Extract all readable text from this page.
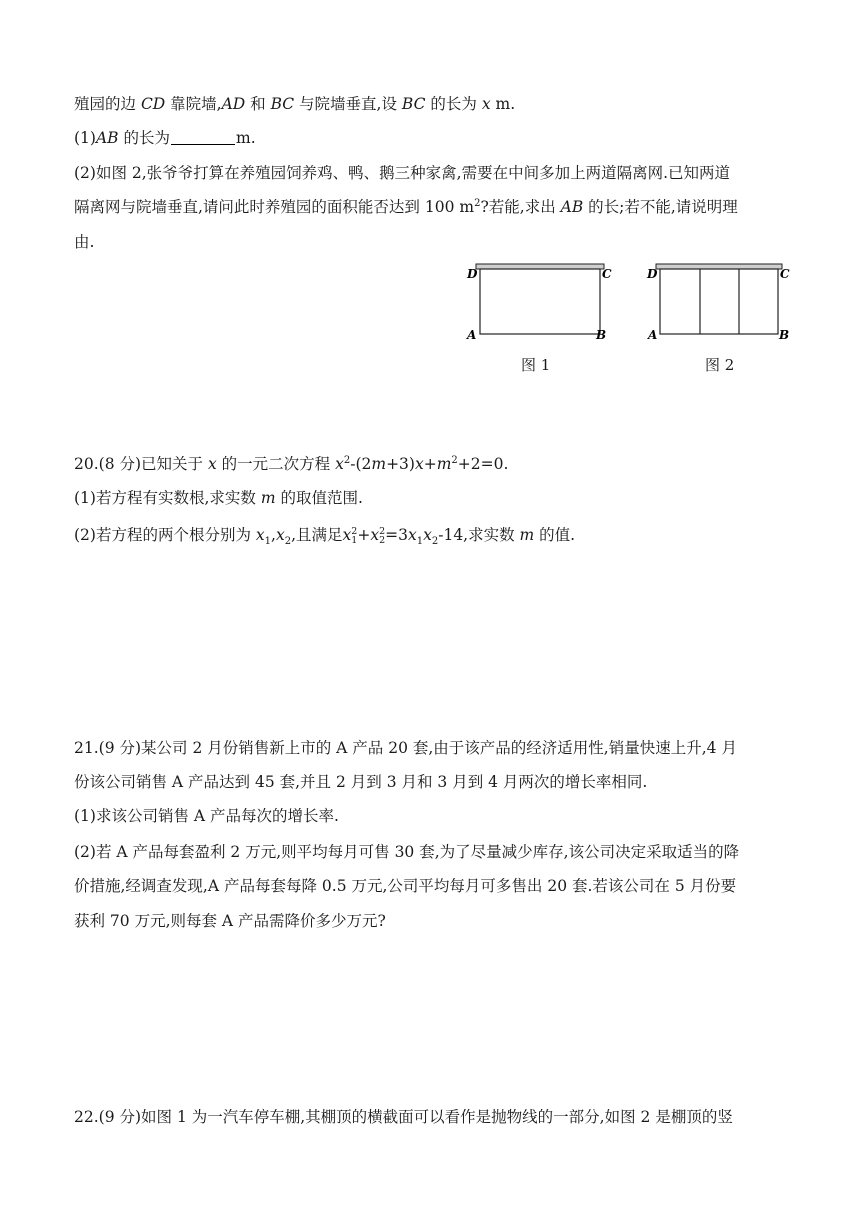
殖园的边 CD 靠院墙,AD 和 BC 与院墙垂直,设 BC 的长为 x m.
(1)AB 的长为	m.
(2)如图 2,张爷爷打算在养殖园饲养鸡、鸭、鹅三种家禽,需要在中间多加上两道隔离网.已知两道
隔离网与院墙垂直,请问此时养殖园的面积能否达到 100 $m^2$?若能,求出 AB 的长;若不能,请说明理
由.
D	C
A	B
图 1
D	C
A	B
图 2
20.(8 分)已知关于 x 的一元二次方程 $x^2-(2m+3)x+m^2+2=0$.
(1)若方程有实数根,求实数 m 的取值范围.
(2)若方程的两个根分别为 $x_1,x_2$,且满足x 2
1 +x 2
$2 =3x_1x_2-14$,求实数 m 的值.
21.(9 分)某公司 2 月份销售新上市的 A 产品 20 套,由于该产品的经济适用性,销量快速上升,4 月
份该公司销售 A 产品达到 45 套,并且 2 月到 3 月和 3 月到 4 月两次的增长率相同.
(1)求该公司销售 A 产品每次的增长率.
(2)若 A 产品每套盈利 2 万元,则平均每月可售 30 套,为了尽量减少库存,该公司决定采取适当的降
价措施,经调查发现,A 产品每套每降 0.5 万元,公司平均每月可多售出 20 套.若该公司在 5 月份要
获利 70 万元,则每套 A 产品需降价多少万元?
22.(9 分)如图 1 为一汽车停车棚,其棚顶的横截面可以看作是抛物线的一部分,如图 2 是棚顶的竖
